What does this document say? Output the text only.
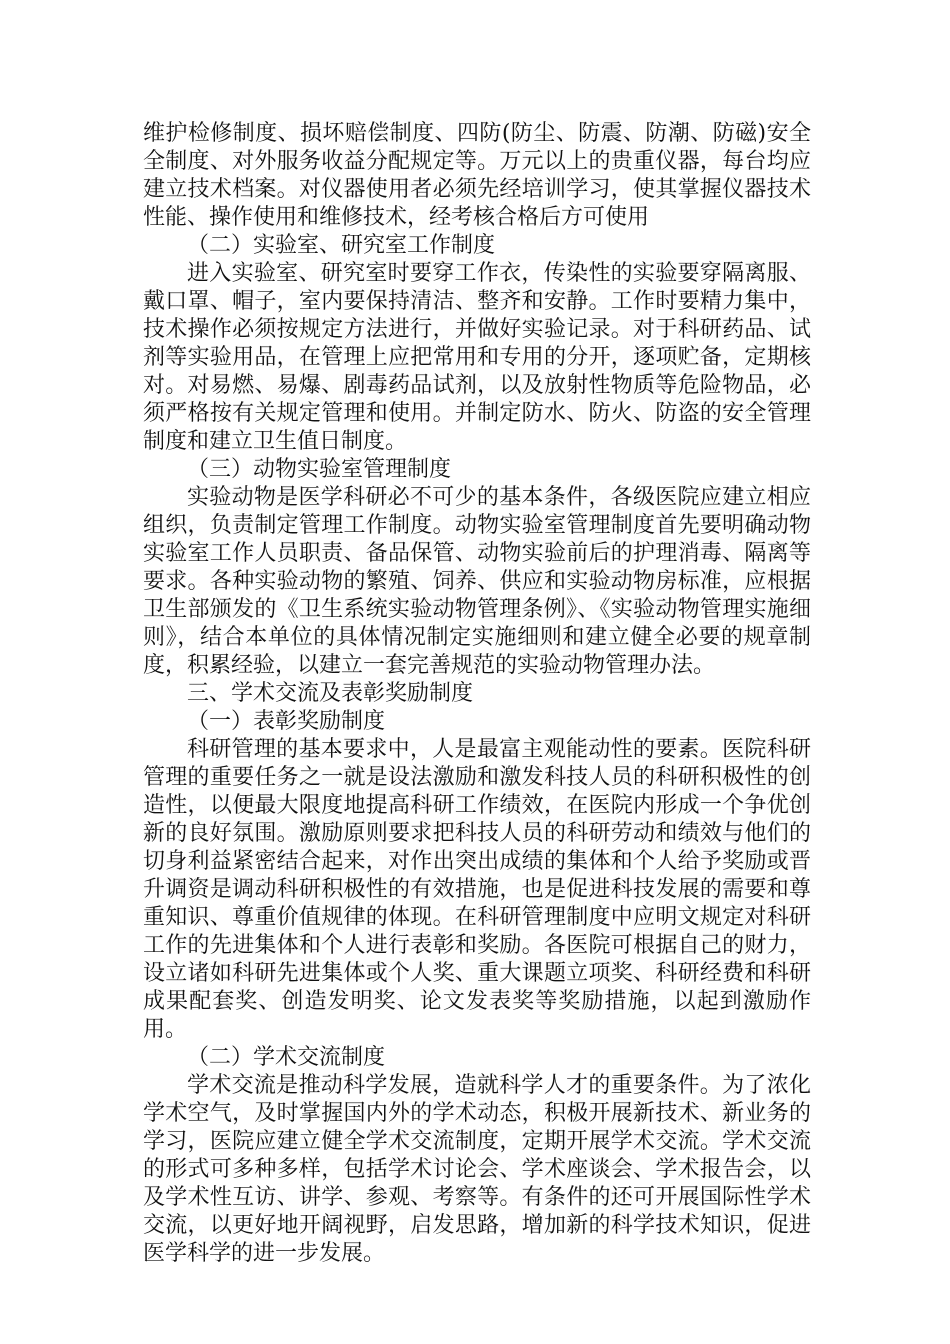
维护检修制度、损坏赔偿制度、四防(防尘、防震、防潮、防磁)安全全制度、对外服务收益分配规定等。万元以上的贵重仪器，每台均应建立技术档案。对仪器使用者必须先经培训学习，使其掌握仪器技术性能、操作使用和维修技术，经考核合格后方可使用

（二）实验室、研究室工作制度

进入实验室、研究室时要穿工作衣，传染性的实验要穿隔离服、戴口罩、帽子，室内要保持清洁、整齐和安静。工作时要精力集中，技术操作必须按规定方法进行，并做好实验记录。对于科研药品、试剂等实验用品，在管理上应把常用和专用的分开，逐项贮备，定期核对。对易燃、易爆、剧毒药品试剂，以及放射性物质等危险物品，必须严格按有关规定管理和使用。并制定防水、防火、防盗的安全管理制度和建立卫生值日制度。

（三）动物实验室管理制度

实验动物是医学科研必不可少的基本条件，各级医院应建立相应组织，负责制定管理工作制度。动物实验室管理制度首先要明确动物实验室工作人员职责、备品保管、动物实验前后的护理消毒、隔离等要求。各种实验动物的繁殖、饲养、供应和实验动物房标准，应根据卫生部颁发的《卫生系统实验动物管理条例》、《实验动物管理实施细则》，结合本单位的具体情况制定实施细则和建立健全必要的规章制度，积累经验，以建立一套完善规范的实验动物管理办法。

三、学术交流及表彰奖励制度

（一）表彰奖励制度

科研管理的基本要求中，人是最富主观能动性的要素。医院科研管理的重要任务之一就是设法激励和激发科技人员的科研积极性的创造性，以便最大限度地提高科研工作绩效，在医院内形成一个争优创新的良好氛围。激励原则要求把科技人员的科研劳动和绩效与他们的切身利益紧密结合起来，对作出突出成绩的集体和个人给予奖励或晋升调资是调动科研积极性的有效措施，也是促进科技发展的需要和尊重知识、尊重价值规律的体现。在科研管理制度中应明文规定对科研工作的先进集体和个人进行表彰和奖励。各医院可根据自己的财力，设立诸如科研先进集体或个人奖、重大课题立项奖、科研经费和科研成果配套奖、创造发明奖、论文发表奖等奖励措施，以起到激励作用。

（二）学术交流制度

学术交流是推动科学发展，造就科学人才的重要条件。为了浓化学术空气，及时掌握国内外的学术动态，积极开展新技术、新业务的学习，医院应建立健全学术交流制度，定期开展学术交流。学术交流的形式可多种多样，包括学术讨论会、学术座谈会、学术报告会，以及学术性互访、讲学、参观、考察等。有条件的还可开展国际性学术交流，以更好地开阔视野，启发思路，增加新的科学技术知识，促进医学科学的进一步发展。
